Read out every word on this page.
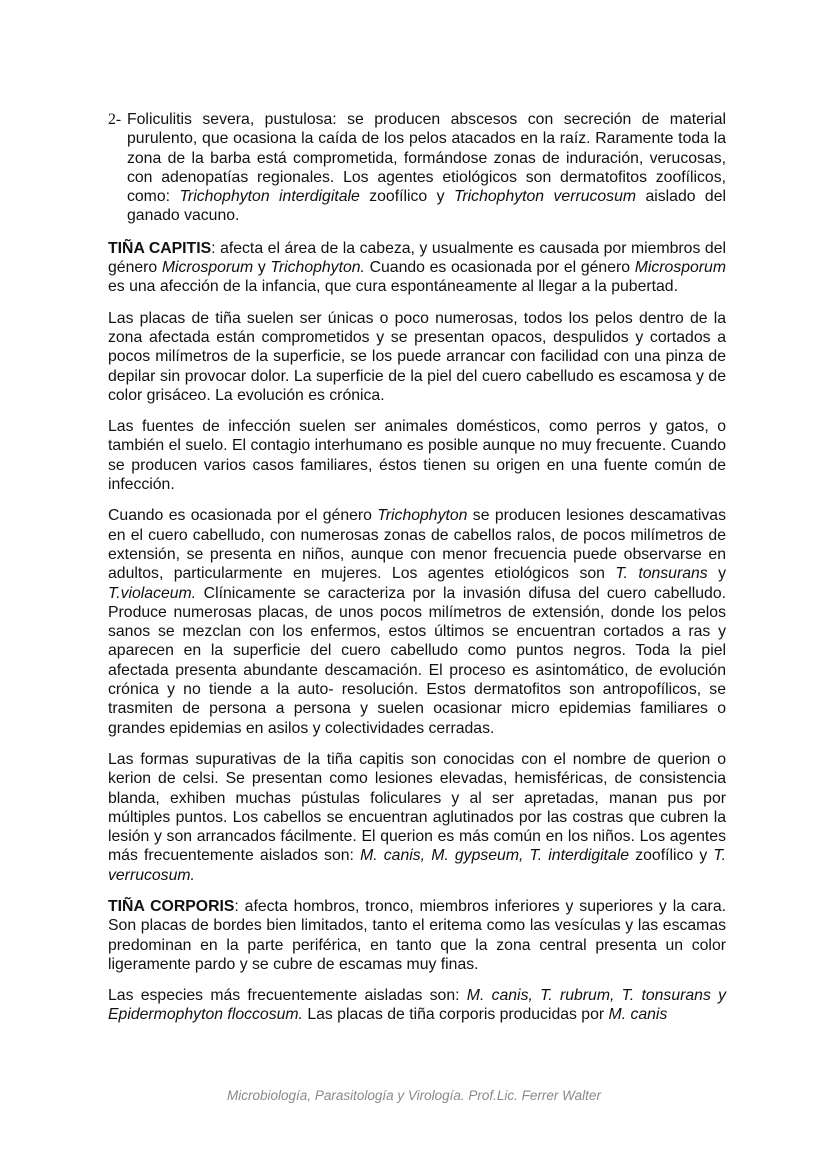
2- Foliculitis severa, pustulosa: se producen abscesos con secreción de material purulento, que ocasiona la caída de los pelos atacados en la raíz. Raramente toda la zona de la barba está comprometida, formándose zonas de induración, verucosas, con adenopatías regionales. Los agentes etiológicos son dermatofitos zoofílicos, como: Trichophyton interdigitale zoofílico y Trichophyton verrucosum aislado del ganado vacuno.

TIÑA CAPITIS: afecta el área de la cabeza, y usualmente es causada por miembros del género Microsporum y Trichophyton. Cuando es ocasionada por el género Microsporum es una afección de la infancia, que cura espontáneamente al llegar a la pubertad.

Las placas de tiña suelen ser únicas o poco numerosas, todos los pelos dentro de la zona afectada están comprometidos y se presentan opacos, despulidos y cortados a pocos milímetros de la superficie, se los puede arrancar con facilidad con una pinza de depilar sin provocar dolor. La superficie de la piel del cuero cabelludo es escamosa y de color grisáceo. La evolución es crónica.

Las fuentes de infección suelen ser animales domésticos, como perros y gatos, o también el suelo. El contagio interhumano es posible aunque no muy frecuente. Cuando se producen varios casos familiares, éstos tienen su origen en una fuente común de infección.

Cuando es ocasionada por el género Trichophyton se producen lesiones descamativas en el cuero cabelludo, con numerosas zonas de cabellos ralos, de pocos milímetros de extensión, se presenta en niños, aunque con menor frecuencia puede observarse en adultos, particularmente en mujeres. Los agentes etiológicos son T. tonsurans y T.violaceum. Clínicamente se caracteriza por la invasión difusa del cuero cabelludo. Produce numerosas placas, de unos pocos milímetros de extensión, donde los pelos sanos se mezclan con los enfermos, estos últimos se encuentran cortados a ras y aparecen en la superficie del cuero cabelludo como puntos negros. Toda la piel afectada presenta abundante descamación. El proceso es asintomático, de evolución crónica y no tiende a la auto- resolución. Estos dermatofitos son antropofílicos, se trasmiten de persona a persona y suelen ocasionar micro epidemias familiares o grandes epidemias en asilos y colectividades cerradas.

Las formas supurativas de la tiña capitis son conocidas con el nombre de querion o kerion de celsi. Se presentan como lesiones elevadas, hemisféricas, de consistencia blanda, exhiben muchas pústulas foliculares y al ser apretadas, manan pus por múltiples puntos. Los cabellos se encuentran aglutinados por las costras que cubren la lesión y son arrancados fácilmente. El querion es más común en los niños. Los agentes más frecuentemente aislados son: M. canis, M. gypseum, T. interdigitale zoofílico y T. verrucosum.

TIÑA CORPORIS: afecta hombros, tronco, miembros inferiores y superiores y la cara. Son placas de bordes bien limitados, tanto el eritema como las vesículas y las escamas predominan en la parte periférica, en tanto que la zona central presenta un color ligeramente pardo y se cubre de escamas muy finas.

Las especies más frecuentemente aisladas son: M. canis, T. rubrum, T. tonsurans y Epidermophyton floccosum. Las placas de tiña corporis producidas por M. canis

Microbiología, Parasitología y Virología. Prof.Lic. Ferrer Walter
